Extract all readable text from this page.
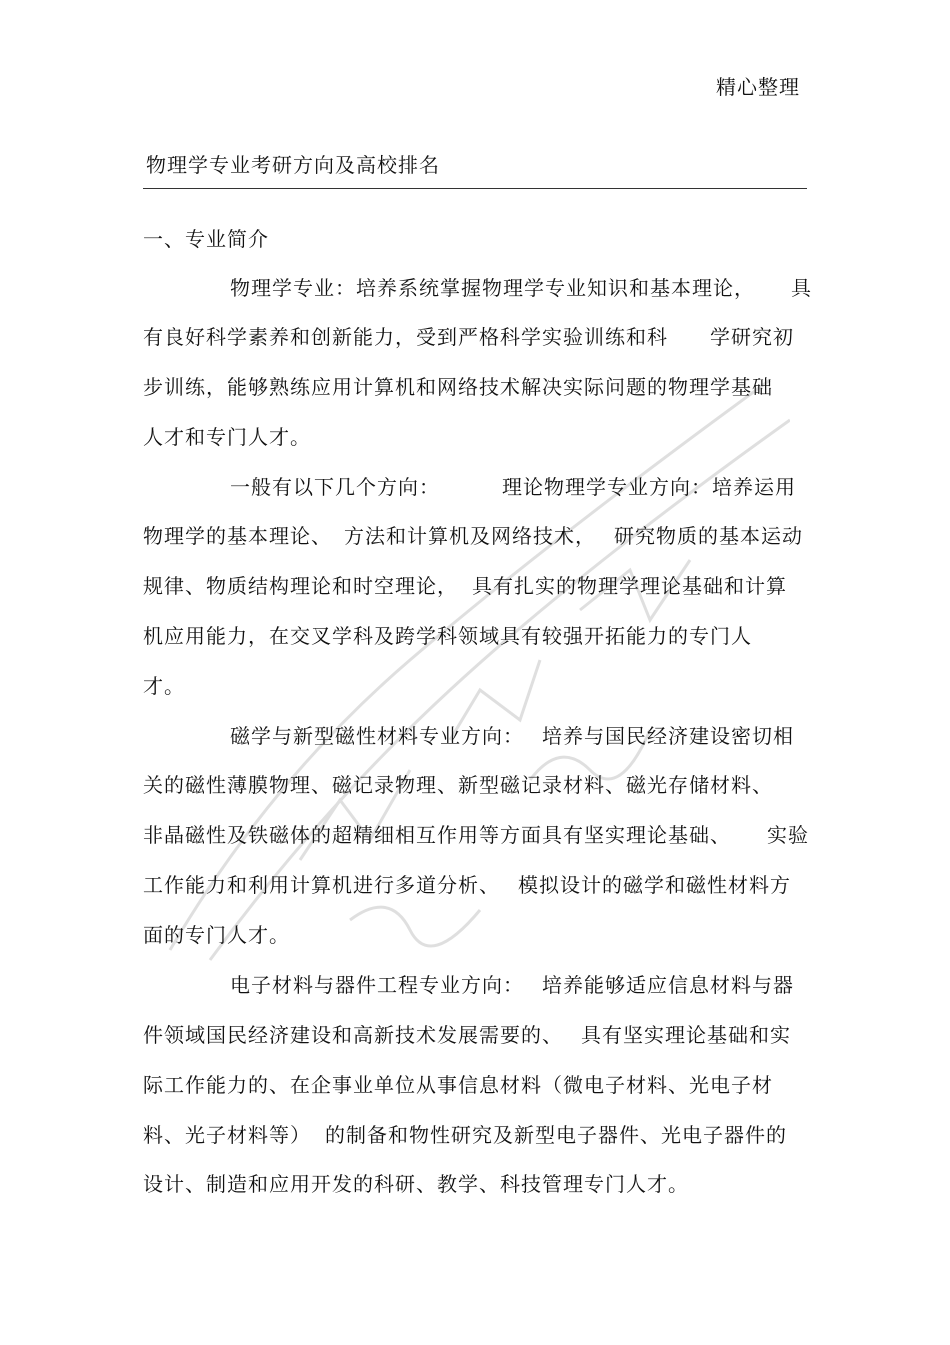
精心整理
物理学专业考研方向及高校排名
一、专业简介
物理学专业：培养系统掌握物理学专业知识和基本理论， 具
有良好科学素养和创新能力，受到严格科学实验训练和科 学研究初
步训练，能够熟练应用计算机和网络技术解决实际问题的物理学基础
人才和专门人才。
一般有以下几个方向：	理论物理学专业方向：培养运用
物理学的基本理论、 方法和计算机及网络技术， 研究物质的基本运动
规律、物质结构理论和时空理论， 具有扎实的物理学理论基础和计算
机应用能力，在交叉学科及跨学科领域具有较强开拓能力的专门人
才。
磁学与新型磁性材料专业方向： 培养与国民经济建设密切相
关的磁性薄膜物理、磁记录物理、新型磁记录材料、磁光存储材料、
非晶磁性及铁磁体的超精细相互作用等方面具有坚实理论基础、 实验
工作能力和利用计算机进行多道分析、 模拟设计的磁学和磁性材料方
面的专门人才。
电子材料与器件工程专业方向： 培养能够适应信息材料与器
件领域国民经济建设和高新技术发展需要的、 具有坚实理论基础和实
际工作能力的、在企事业单位从事信息材料（微电子材料、光电子材
料、光子材料等） 的制备和物性研究及新型电子器件、光电子器件的
设计、制造和应用开发的科研、教学、科技管理专门人才。
